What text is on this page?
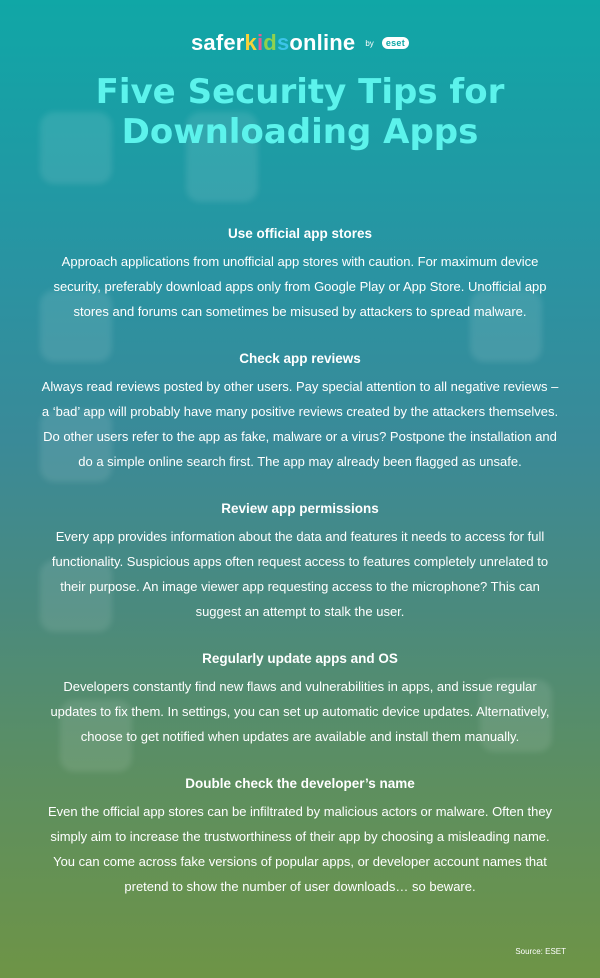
saferkidsonline by eset
Five Security Tips for Downloading Apps
Use official app stores

Approach applications from unofficial app stores with caution. For maximum device security, preferably download apps only from Google Play or App Store. Unofficial app stores and forums can sometimes be misused by attackers to spread malware.

Check app reviews

Always read reviews posted by other users. Pay special attention to all negative reviews – a ‘bad’ app will probably have many positive reviews created by the attackers themselves. Do other users refer to the app as fake, malware or a virus? Postpone the installation and do a simple online search first. The app may already been flagged as unsafe.

Review app permissions

Every app provides information about the data and features it needs to access for full functionality. Suspicious apps often request access to features completely unrelated to their purpose. An image viewer app requesting access to the microphone? This can suggest an attempt to stalk the user.

Regularly update apps and OS

Developers constantly find new flaws and vulnerabilities in apps, and issue regular updates to fix them. In settings, you can set up automatic device updates. Alternatively, choose to get notified when updates are available and install them manually.

Double check the developer’s name

Even the official app stores can be infiltrated by malicious actors or malware. Often they simply aim to increase the trustworthiness of their app by choosing a misleading name. You can come across fake versions of popular apps, or developer account names that pretend to show the number of user downloads… so beware.

Source: ESET
